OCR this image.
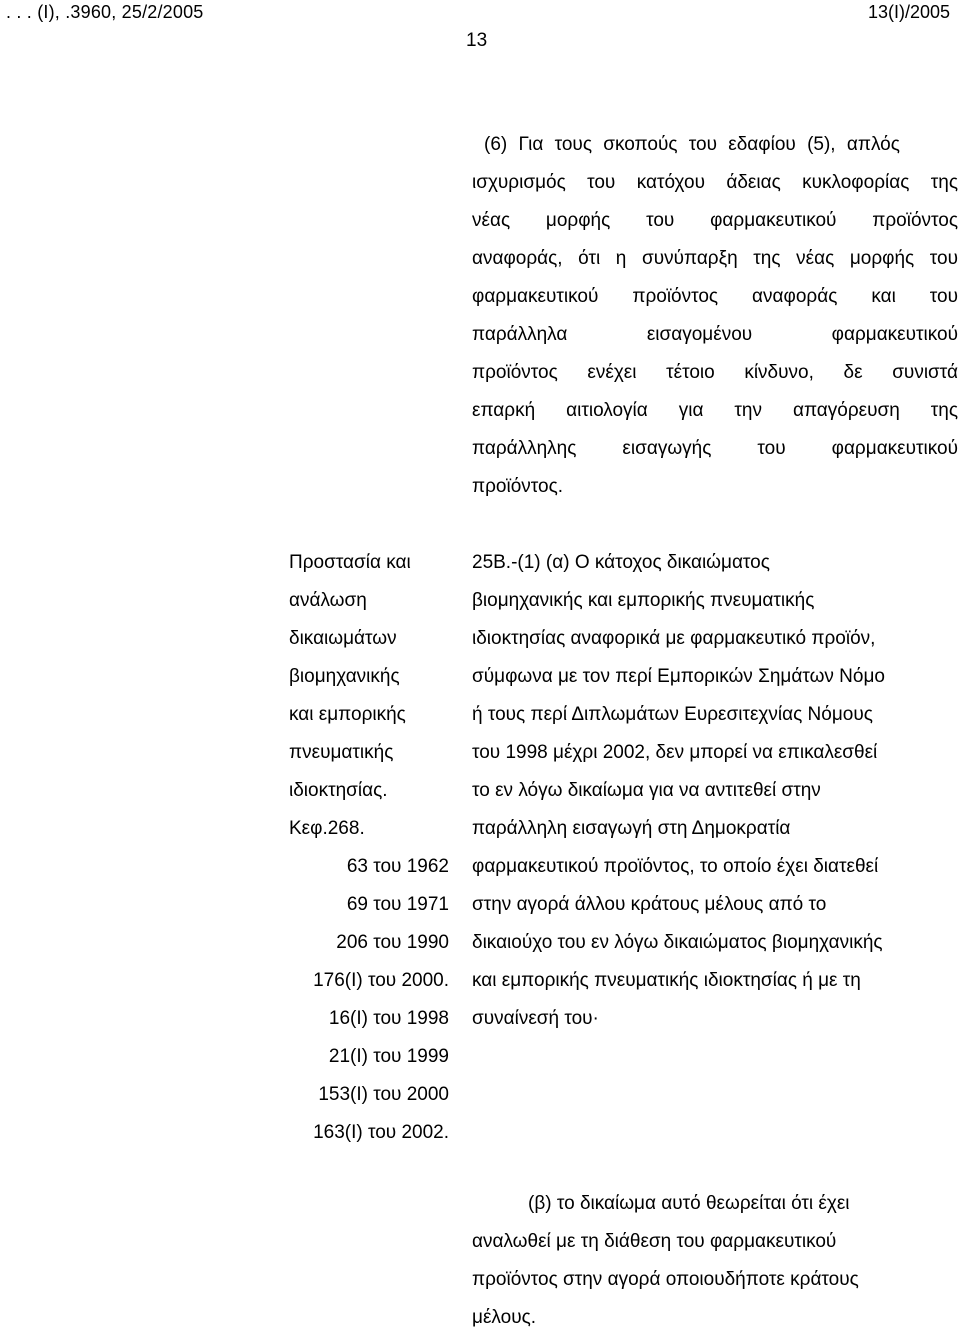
. . . (Ι), .3960, 25/2/2005	13(Ι)/2005
13
(6) Για τους σκοπούς του εδαφίου (5), απλός
ισχυρισμός του κατόχου άδειας κυκλοφορίας της
νέας μορφής του φαρμακευτικού προϊόντος
αναφοράς, ότι η συνύπαρξη της νέας μορφής του
φαρμακευτικού προϊόντος αναφοράς και του
παράλληλα εισαγομένου φαρμακευτικού
προϊόντος ενέχει τέτοιο κίνδυνο, δε συνιστά
επαρκή αιτιολογία για την απαγόρευση της
παράλληλης εισαγωγής του φαρμακευτικού
προϊόντος.
Προστασία και
ανάλωση
δικαιωμάτων
βιομηχανικής
και εμπορικής
πνευματικής
ιδιοκτησίας.
Κεφ.268.
63 του 1962
69 του 1971
206 του 1990
176(Ι) του 2000.
16(Ι) του 1998
21(Ι) του 1999
153(Ι) του 2000
163(Ι) του 2002.
25Β.-(1) (α) Ο κάτοχος δικαιώματος
βιομηχανικής και εμπορικής πνευματικής
ιδιοκτησίας αναφορικά με φαρμακευτικό προϊόν,
σύμφωνα με τον περί Εμπορικών Σημάτων Νόμο
ή τους περί Διπλωμάτων Ευρεσιτεχνίας Νόμους
του 1998 μέχρι 2002, δεν μπορεί να επικαλεσθεί
το εν λόγω δικαίωμα για να αντιτεθεί στην
παράλληλη εισαγωγή στη Δημοκρατία
φαρμακευτικού προϊόντος, το οποίο έχει διατεθεί
στην αγορά άλλου κράτους μέλους από το
δικαιούχο του εν λόγω δικαιώματος βιομηχανικής
και εμπορικής πνευματικής ιδιοκτησίας ή με τη
συναίνεσή του·
(β) το δικαίωμα αυτό θεωρείται ότι έχει
αναλωθεί με τη διάθεση του φαρμακευτικού
προϊόντος στην αγορά οποιουδήποτε κράτους
μέλους.
